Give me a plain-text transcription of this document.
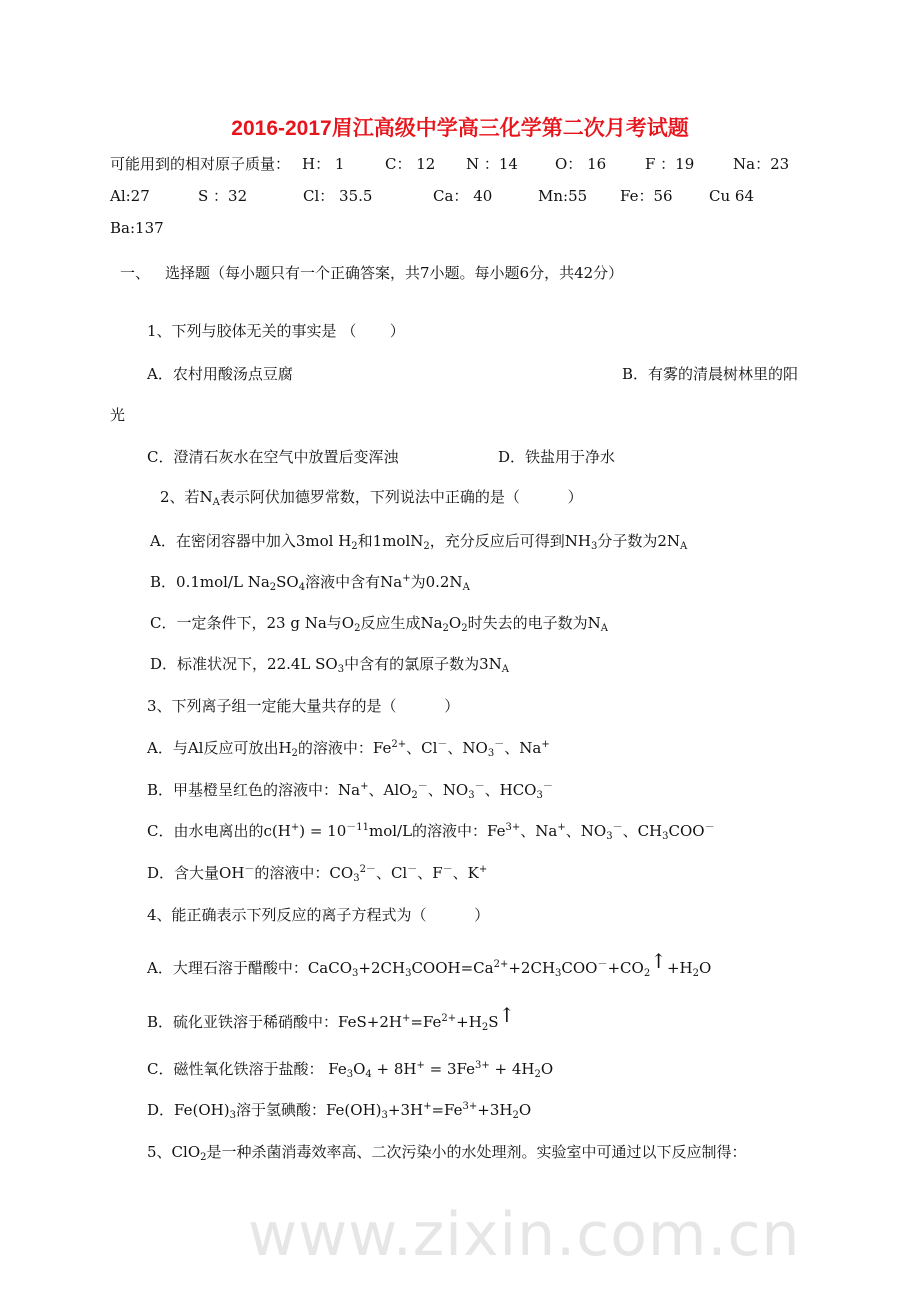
2016-2017眉江高级中学高三化学第二次月考试题
www.zixin.com.cn
可能用到的相对原子质量： H： 1	C： 12 N ：14 O： 16	F ：19	Na：23
Al:27	S ：32	Cl： 35.5	Ca： 40	Mn:55 Fe：56 Cu 64
Ba:137
一、 选择题（每小题只有一个正确答案，共7小题。每小题6分，共42分）
1、下列与胶体无关的事实是 （       ）
A．农村用酸汤点豆腐	B．有雾的清晨树林里的阳
光
C．澄清石灰水在空气中放置后变浑浊	D．铁盐用于净水
2、若$N_A$表示阿伏加德罗常数，下列说法中正确的是（          ）
A．在密闭容器中加入3mol $H_2$和1molN$_2$，充分反应后可得到$NH_3$分子数为$2N_A$
B．0.1mol/L $Na_2SO_4$溶液中含有Na+为$0.2N_A$
C．一定条件下，23 g Na与$O_2$反应生成$Na_2O_2$时失去的电子数为$N_A$
D．标准状况下，22.4L $SO_3$中含有的氯原子数为$3N_A$
3、下列离子组一定能大量共存的是（          ）
A．与Al反应可放出$H_2$的溶液中：$Fe^{2+}$、Cl－、$NO_3^-$、Na+
B．甲基橙呈红色的溶液中：Na+、AlO$_2$－、$NO_3^-$、$HCO_3^-$
C．由水电离出的$c(H^+) = 10^{-11}mol/L$的溶液中：$Fe^{3+}$、Na+、$NO_3^-$、$CH_3COO^-$
D．含大量OH－的溶液中：$CO_3^{2-}$、Cl－、F－、K+
4、能正确表示下列反应的离子方程式为（          ）
A．大理石溶于醋酸中：$CaCO_3+2CH_3COOH=Ca^{2+}+2CH_3COO^-+CO_2↑+H_2O$
B．硫化亚铁溶于稀硝酸中：$FeS+2H^+=Fe^{2+}+H_2S↑$
C．磁性氧化铁溶于盐酸： $Fe_3O_4 + 8H^+ = 3Fe^{3+} + 4H_2O$
D．$Fe(OH)_3$溶于氢碘酸：$Fe(OH)_3+3H^+=Fe^{3+}+3H_2O$
5、ClO$_2$是一种杀菌消毒效率高、二次污染小的水处理剂。实验室中可通过以下反应制得：
